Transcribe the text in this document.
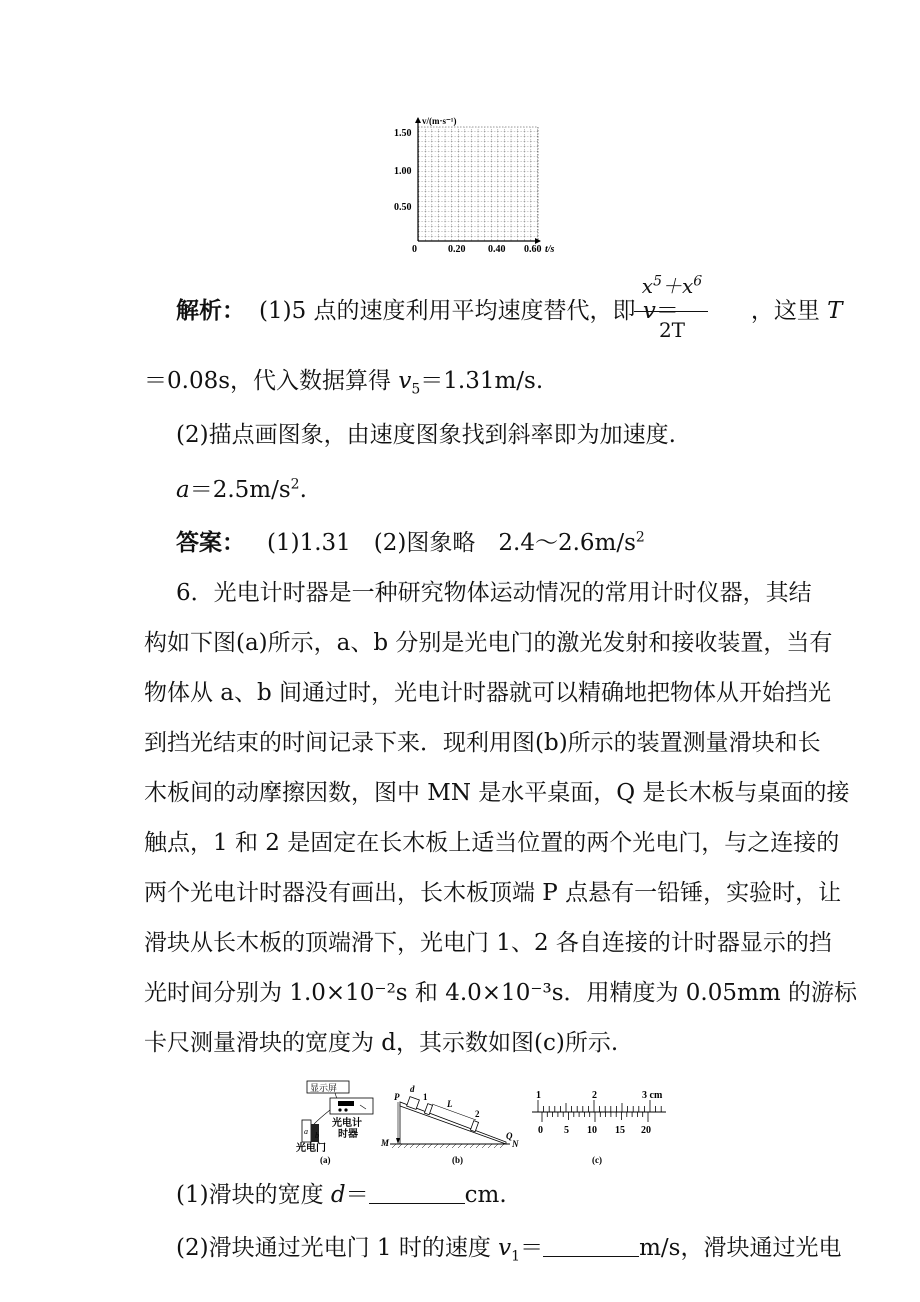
v/(m·s⁻¹)
1.50
1.00
0.50
0	0.20 0.40 0.60 t/s
解析： (1)5 点的速度利用平均速度替代，即 v＝	，这里 T
$x^5+x^6$
2T
＝0.08s，代入数据算得 $v_5=1.31m/s$.
(2)描点画图象，由速度图象找到斜率即为加速度.
$a=2.5m/s^2$.
答案： (1)1.31　(2)图象略　$2.4\sim 2.6m/s^2$
6．光电计时器是一种研究物体运动情况的常用计时仪器，其结
构如下图(a)所示，a、b 分别是光电门的激光发射和接收装置，当有
物体从 a、b 间通过时，光电计时器就可以精确地把物体从开始挡光
到挡光结束的时间记录下来．现利用图(b)所示的装置测量滑块和长
木板间的动摩擦因数，图中 MN 是水平桌面，Q 是长木板与桌面的接
触点，1 和 2 是固定在长木板上适当位置的两个光电门，与之连接的
两个光电计时器没有画出，长木板顶端 P 点悬有一铅锤，实验时，让
滑块从长木板的顶端滑下，光电门 1、2 各自连接的计时器显示的挡
光时间分别为 1.0×10⁻²s 和 4.0×10⁻³s．用精度为 0.05mm 的游标
卡尺测量滑块的宽度为 d，其示数如图(c)所示.
显示屏
a b
光电计
时器
光电门
(a)
P
d
1
L
2
M
Q
N
(b)
1	2	3 cm
0 5 10 15 20
(c)
(1)滑块的宽度 d＝	cm.
(2)滑块通过光电门 1 时的速度 $v_1=$	m/s，滑块通过光电
